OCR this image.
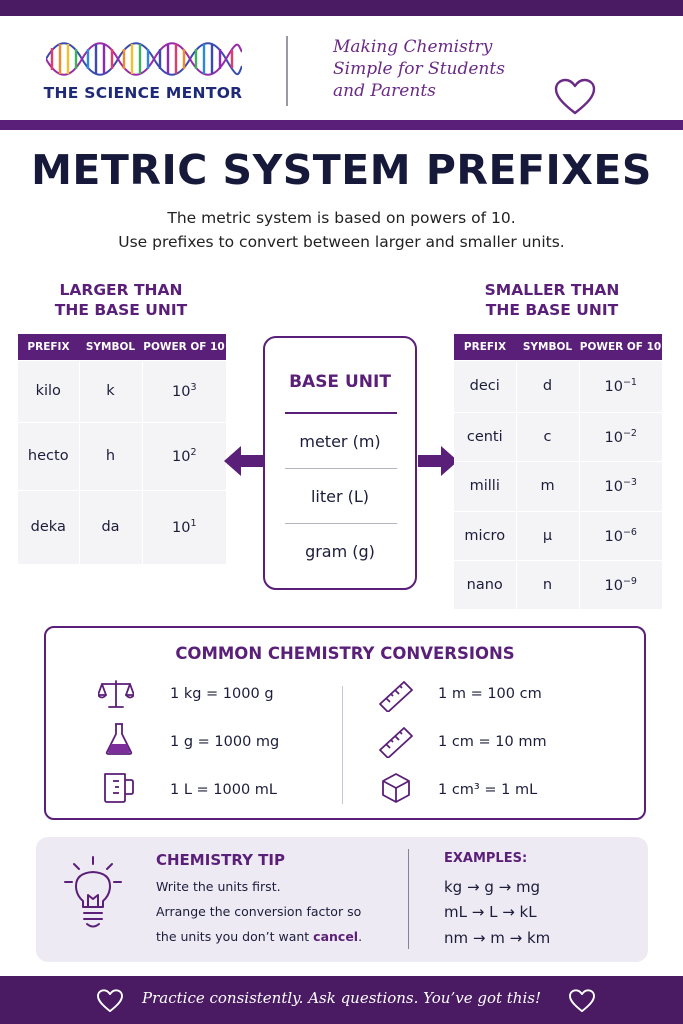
THE SCIENCE MENTOR
Making Chemistry
Simple for Students
and Parents
METRIC SYSTEM PREFIXES
The metric system is based on powers of 10.
Use prefixes to convert between larger and smaller units.
LARGER THAN
THE BASE UNIT
PREFIX	SYMBOL	POWER OF 10
kilo	k	$10^3$
hecto	h	$10^2$
deka	da	$10^1$
BASE UNIT
meter (m)
liter (L)
gram (g)
SMALLER THAN
THE BASE UNIT
PREFIX	SYMBOL	POWER OF 10
deci	d	$10^{-1}$
centi	c	$10^{-2}$
milli	m	$10^{-3}$
micro	μ	$10^{-6}$
nano	n	$10^{-9}$
COMMON CHEMISTRY CONVERSIONS
1 kg = 1000 g
1 g = 1000 mg
1 L = 1000 mL
1 m = 100 cm
1 cm = 10 mm
1 cm³ = 1 mL
CHEMISTRY TIP
Write the units first.
Arrange the conversion factor so
the units you don’t want cancel.
EXAMPLES:
kg → g → mg
mL → L → kL
nm → m → km
Practice consistently. Ask questions. You’ve got this!
